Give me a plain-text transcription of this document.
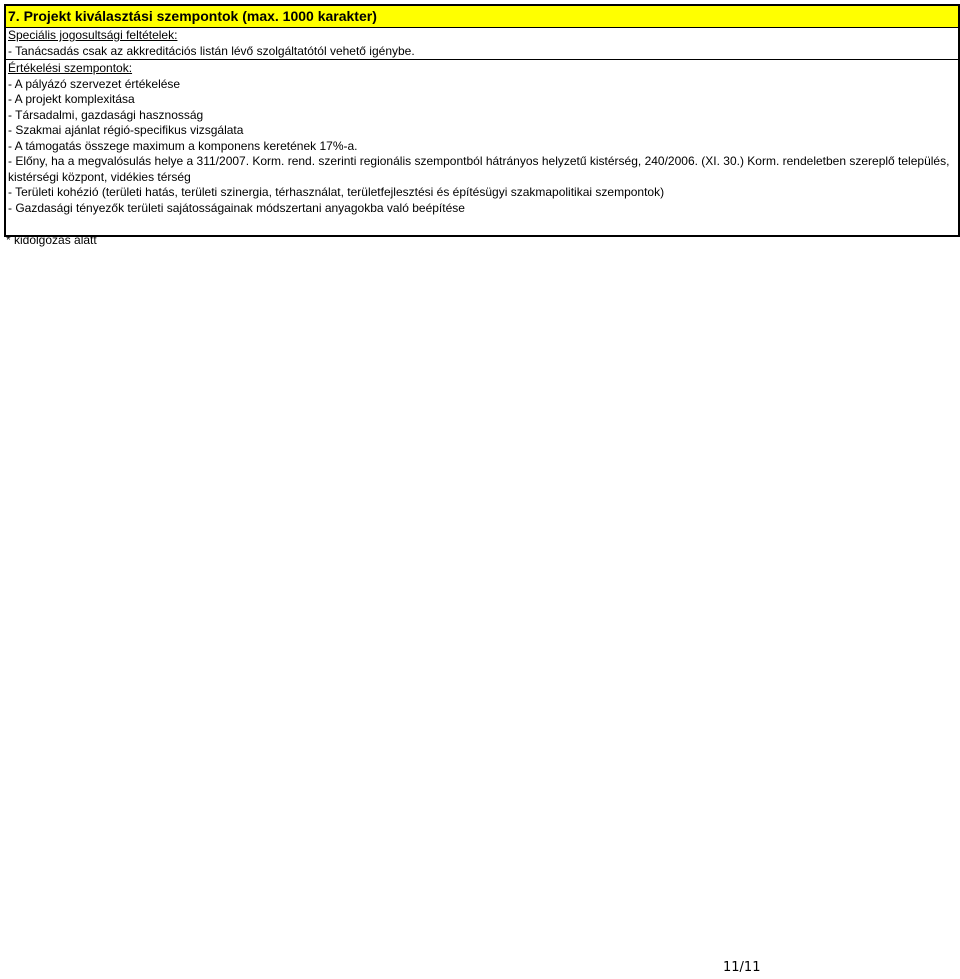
7. Projekt kiválasztási szempontok (max. 1000 karakter)
Speciális jogosultsági feltételek:
- Tanácsadás csak az akkreditációs listán lévő szolgáltatótól vehető igénybe.
Értékelési szempontok:
- A pályázó szervezet értékelése
- A projekt komplexitása
- Társadalmi, gazdasági hasznosság
- Szakmai ajánlat régió-specifikus vizsgálata
- A támogatás összege maximum a komponens keretének 17%-a.
- Előny, ha a megvalósulás helye a 311/2007. Korm. rend. szerinti regionális szempontból hátrányos helyzetű kistérség, 240/2006. (XI. 30.) Korm. rendeletben szereplő település, kistérségi központ, vidékies térség
- Területi kohézió (területi hatás, területi szinergia, térhasználat, területfejlesztési és építésügyi szakmapolitikai szempontok)
- Gazdasági tényezők területi sajátosságainak módszertani anyagokba való beépítése
* kidolgozás alatt
11/11
